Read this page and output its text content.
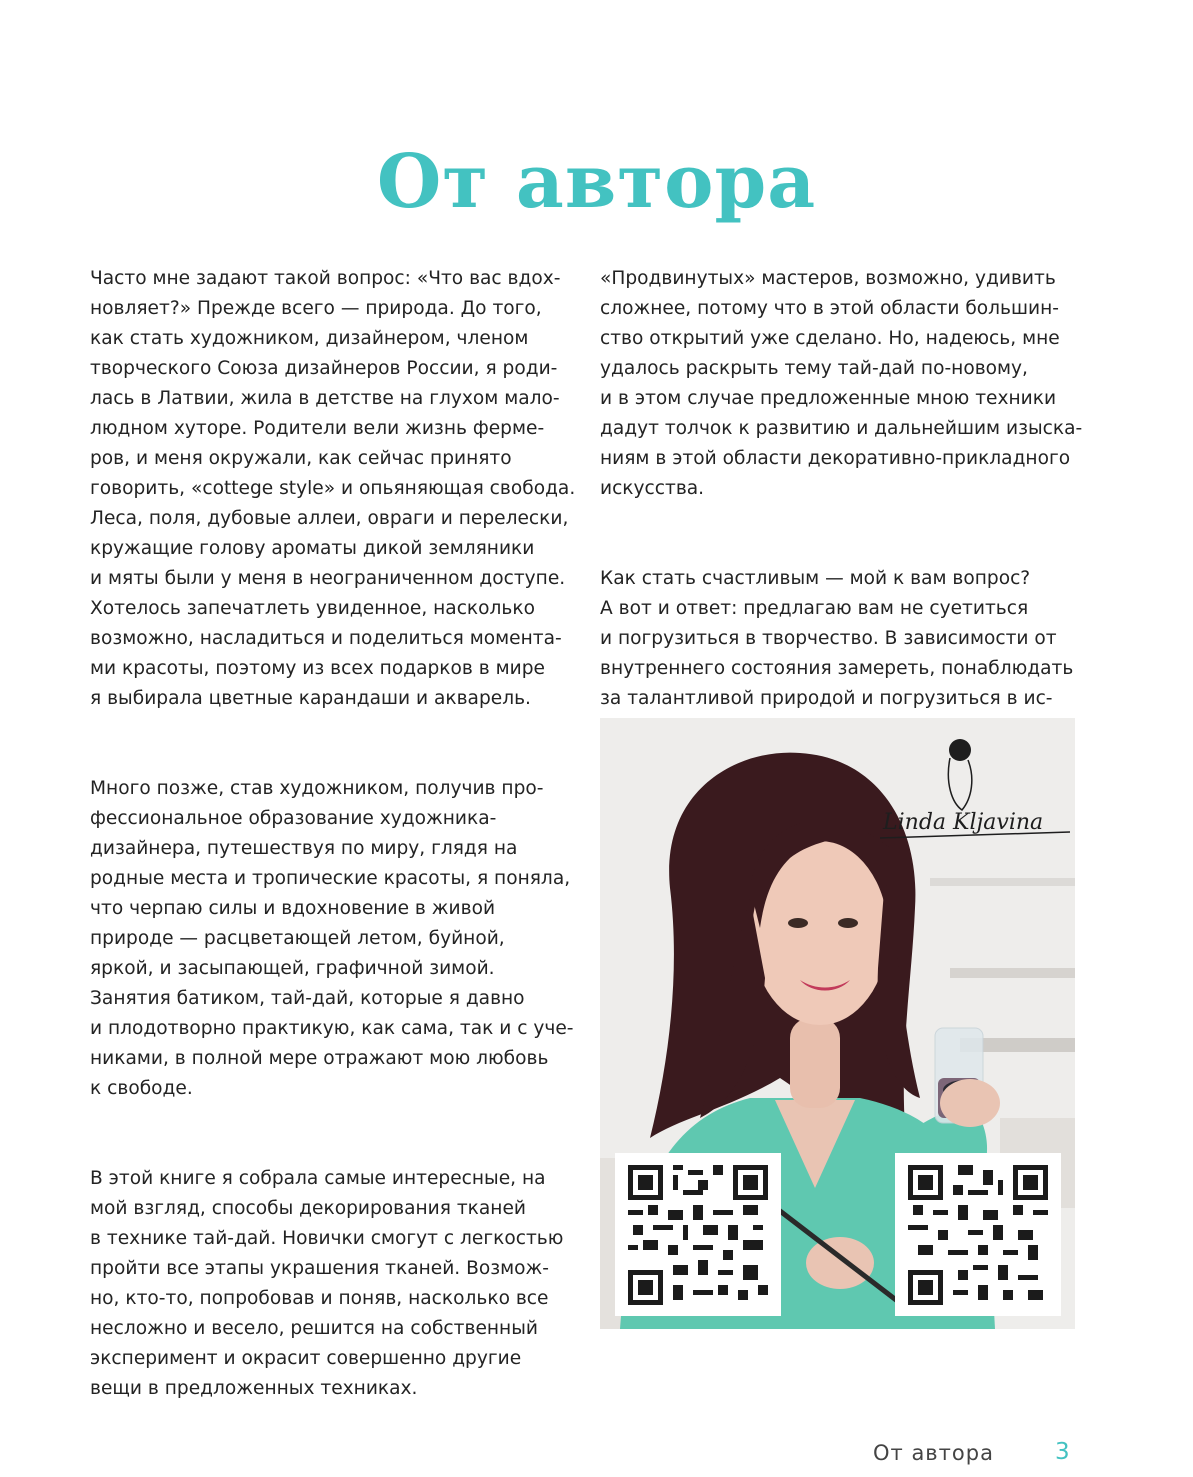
От автора

Часто мне задают такой вопрос: «Что вас вдох-
новляет?» Прежде всего — природа. До того,
как стать художником, дизайнером, членом
творческого Союза дизайнеров России, я роди-
лась в Латвии, жила в детстве на глухом мало-
людном хуторе. Родители вели жизнь ферме-
ров, и меня окружали, как сейчас принято
говорить, «cottege style» и опьяняющая свобода.
Леса, поля, дубовые аллеи, овраги и перелески,
кружащие голову ароматы дикой земляники
и мяты были у меня в неограниченном доступе.
Хотелось запечатлеть увиденное, насколько
возможно, насладиться и поделиться момента-
ми красоты, поэтому из всех подарков в мире
я выбирала цветные карандаши и акварель.

Много позже, став художником, получив про-
фессиональное образование художника-
дизайнера, путешествуя по миру, глядя на
родные места и тропические красоты, я поняла,
что черпаю силы и вдохновение в живой
природе — расцветающей летом, буйной,
яркой, и засыпающей, графичной зимой.
Занятия батиком, тай-дай, которые я давно
и плодотворно практикую, как сама, так и с уче-
никами, в полной мере отражают мою любовь
к свободе.

В этой книге я собрала самые интересные, на
мой взгляд, способы декорирования тканей
в технике тай-дай. Новички смогут с легкостью
пройти все этапы украшения тканей. Возмож-
но, кто-то, попробовав и поняв, насколько все
несложно и весело, решится на собственный
эксперимент и окрасит совершенно другие
вещи в предложенных техниках.

«Продвинутых» мастеров, возможно, удивить
сложнее, потому что в этой области большин-
ство открытий уже сделано. Но, надеюсь, мне
удалось раскрыть тему тай-дай по-новому,
и в этом случае предложенные мною техники
дадут толчок к развитию и дальнейшим изыска-
ниям в этой области декоративно-прикладного
искусства.

Как стать счастливым — мой к вам вопрос?
А вот и ответ: предлагаю вам не суетиться
и погрузиться в творчество. В зависимости от
внутреннего состояния замереть, понаблюдать
за талантливой природой и погрузиться в ис-

Linda Kljavina
От автора	3
